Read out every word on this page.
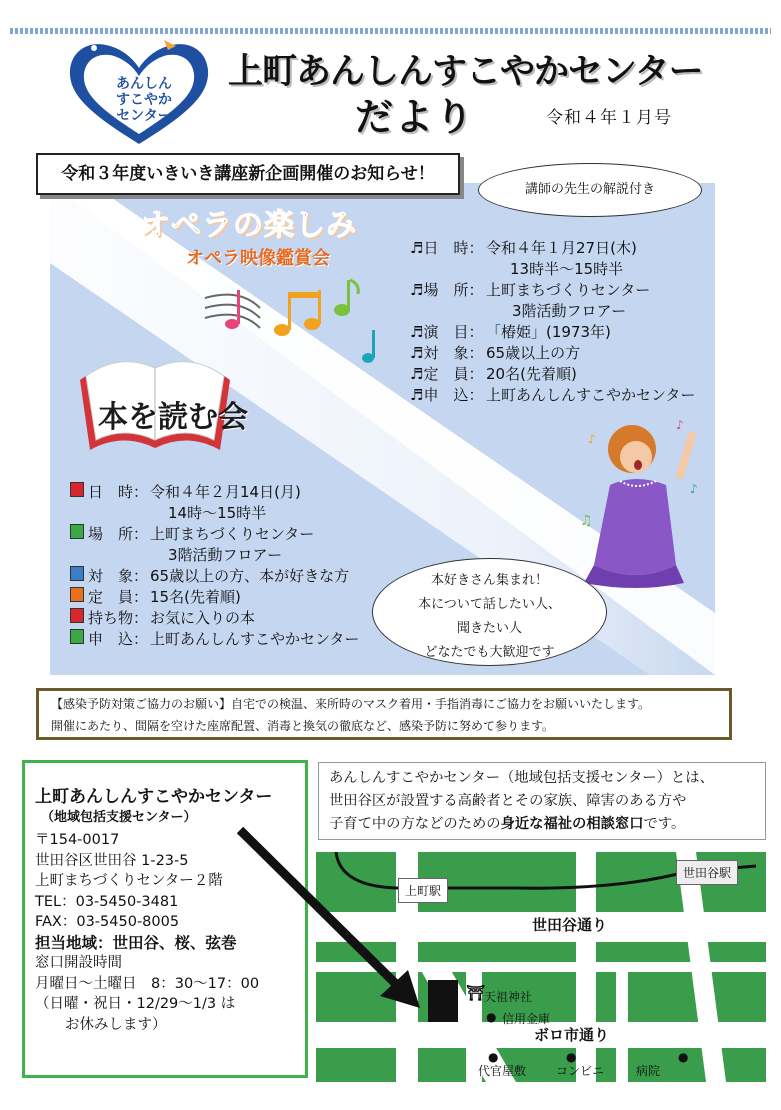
あんしん
すこやか
センター
上町あんしんすこやかセンター
だより	令和４年１月号
令和３年度いきいき講座新企画開催のお知らせ！
講師の先生の解説付き
オペラの楽しみ
オペラ映像鑑賞会	♬日　時： 令和４年１月27日(木)
13時半～15時半
♬場　所： 上町まちづくりセンター
3階活動フロアー
♬演　目： 「椿姫」(1973年)
♬対　象： 65歳以上の方
♬定　員： 20名(先着順)
♬申　込： 上町あんしんすこやかセンター
本を読む会	♪
♪
♫
♪
日　時： 令和４年２月14日(月)
14時～15時半
場　所： 上町まちづくりセンター
3階活動フロアー
対　象： 65歳以上の方、本が好きな方
定　員： 15名(先着順)
持ち物： お気に入りの本
申　込： 上町あんしんすこやかセンター
本好きさん集まれ！
本について話したい人、
聞きたい人
どなたでも大歓迎です
【感染予防対策ご協力のお願い】自宅での検温、来所時のマスク着用・手指消毒にご協力をお願いいたします。
開催にあたり、間隔を空けた座席配置、消毒と換気の徹底など、感染予防に努めて参ります。
上町あんしんすこやかセンター
（地域包括支援センター）
〒154-0017
世田谷区世田谷 1-23-5
上町まちづくりセンター２階
TEL：03-5450-3481
FAX：03-5450-8005
担当地域：世田谷、桜、弦巻
窓口開設時間
月曜日～土曜日　8：30～17：00
（日曜・祝日・12/29～1/3 は
お休みします）
あんしんすこやかセンター（地域包括支援センター）とは、
世田谷区が設置する高齢者とその家族、障害のある方や
子育て中の方などのための身近な福祉の相談窓口です。
上町駅
世田谷駅
世田谷通り
ボロ市通り
⛩
天祖神社
● 信用金庫
●
代官屋敷
●
コンビニ
●
病院
